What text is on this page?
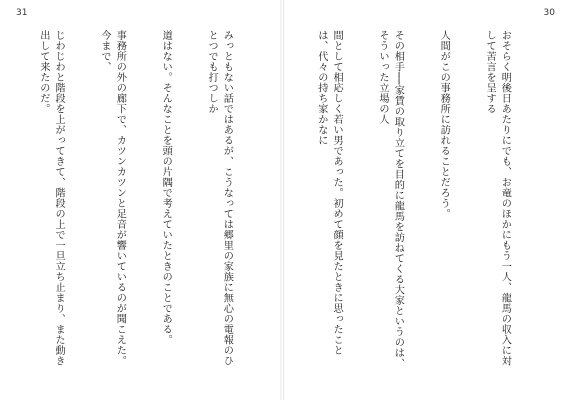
31

みっともない話ではあるが、こうなっては郷里の家族に無心の電報のひとつでも打つしか

道はない。そんなことを頭の片隅で考えていたときのことである。

事務所の外の廊下で、カツンカツンと足音が響いているのが聞こえた。今まで、

じわじわと階段を上がってきて、階段の上で一旦立ち止まり、また動き出して来たのだ。

30

おそらく明後日あたりにでも、お竜のほかにもう一人、龍馬の収入に対して苦言を呈する

人間がこの事務所に訪れることだろう。

その相手──家賃の取り立てを目的に龍馬を訪ねてくる大家というのは、そういった立場の人

間として相応しく若い男であった。初めて顔を見たときに思ったことは、代々の持ち家かなに
